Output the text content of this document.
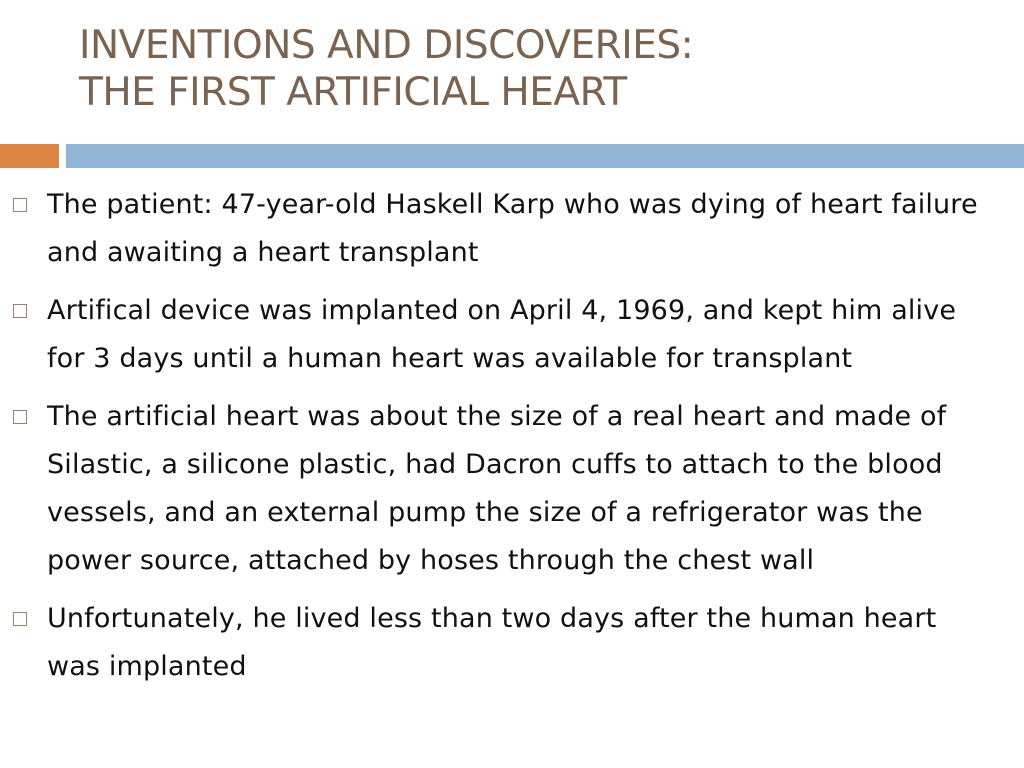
INVENTIONS AND DISCOVERIES:
THE FIRST ARTIFICIAL HEART
The patient: 47-year-old Haskell Karp who was dying of heart failure and awaiting a heart transplant
Artifical device was implanted on April 4, 1969, and kept him alive for 3 days until a human heart was available for transplant
The artificial heart was about the size of a real heart and made of Silastic, a silicone plastic, had Dacron cuffs to attach to the blood vessels, and an external pump the size of a refrigerator was the power source, attached by hoses through the chest wall
Unfortunately, he lived less than two days after the human heart was implanted
